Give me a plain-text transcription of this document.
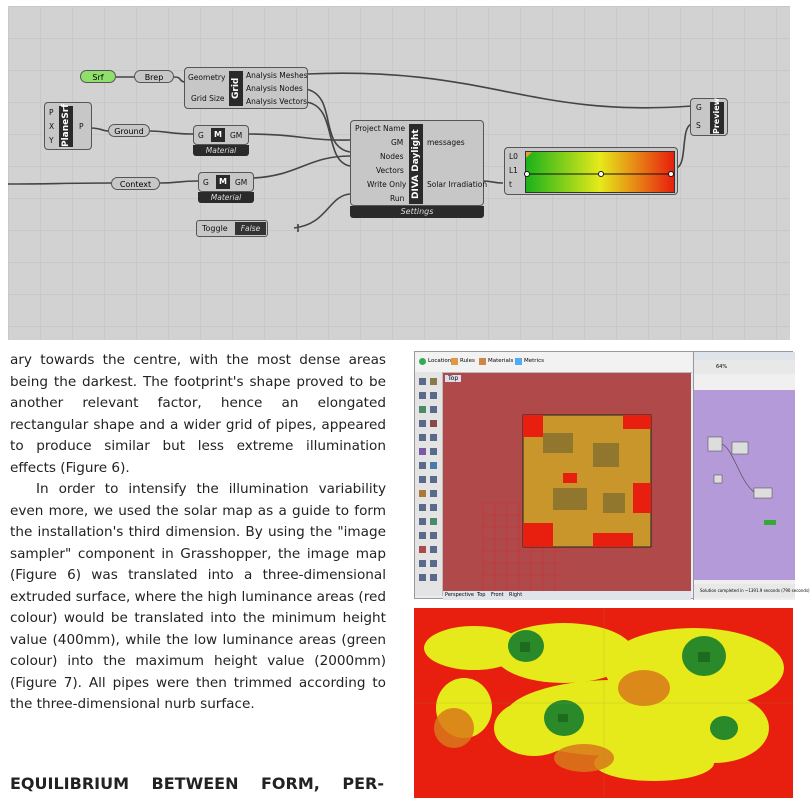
Srf	Brep	Geometry
Grid Size Grid
Analysis Meshes
Analysis Nodes
Analysis Vectors
P
X
Y PlaneSrf P
Ground
Context
G	M	GM
Material
G	M	GM
Material
Toggle	False
Project Name
GM
Nodes
Vectors
Write Only
Run DIVA Daylight messages
Solar Irradiation
Settings
L0
L1
t
G
S Preview

ary towards the centre, with the most dense areas being the darkest. The footprint's shape proved to be another relevant factor, hence an elongated rectangular shape and a wider grid of pipes, appeared to produce similar but less extreme illumination effects (Figure 6).

In order to intensify the illumination variability even more, we used the solar map as a guide to form the installation's third dimension. By using the "image sampler" component in Grasshopper, the image map (Figure 6) was translated into a three-dimensional extruded surface, where the high luminance areas (red colour) would be translated into the minimum height value (400mm), while the low luminance areas (green colour) into the maximum height value (2000mm) (Figure 7). All pipes were then trimmed according to the three-dimensional nurb surface.

EQUILIBRIUM BETWEEN FORM, PER-
Location Rules Materials Metrics
Top
Perspective Top Front Right
64%
Solution completed in ~1391.9 seconds (790 seconds)
